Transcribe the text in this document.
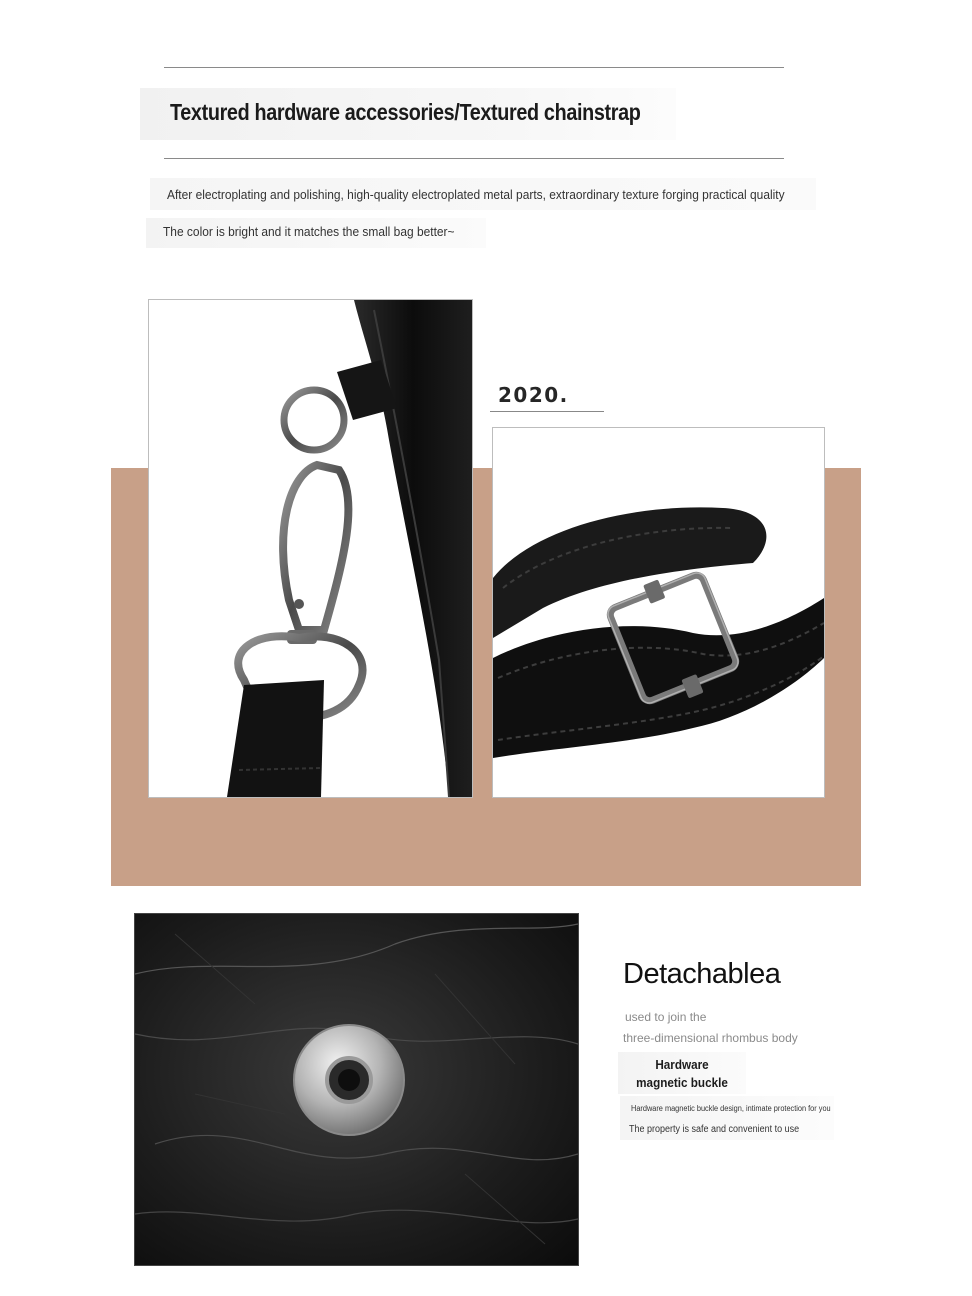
Textured hardware accessories/Textured chainstrap
After electroplating and polishing, high-quality electroplated metal parts, extraordinary texture forging practical quality
The color is bright and it matches the small bag better~
2020.
Detachablea
used to join the
three-dimensional rhombus body
Hardware magnetic buckle
Hardware magnetic buckle design, intimate protection for you
The property is safe and convenient to use
